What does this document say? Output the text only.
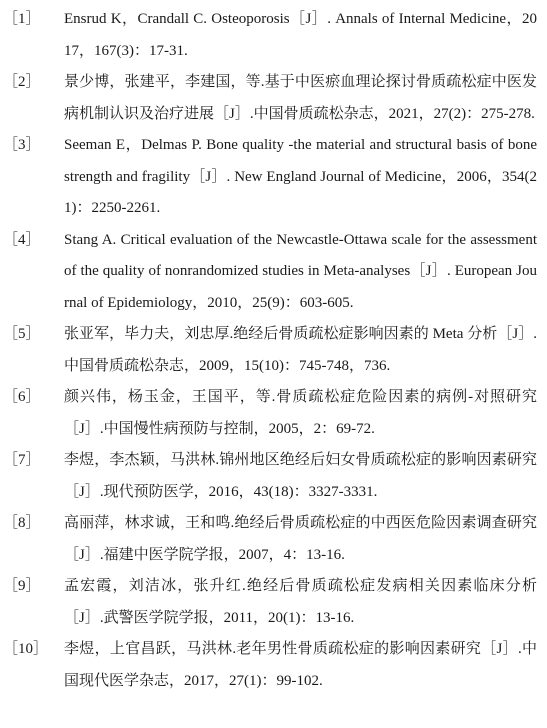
［1］	Ensrud K，Crandall C. Osteoporosis［J］. Annals of Internal Medicine，2017，167(3)：17-31.
［2］	景少博，张建平，李建国，等.基于中医瘀血理论探讨骨质疏松症中医发病机制认识及治疗进展［J］.中国骨质疏松杂志，2021，27(2)：275-278.
［3］	Seeman E，Delmas P. Bone quality -the material and structural basis of bone strength and fragility［J］. New England Journal of Medicine，2006，354(21)：2250-2261.
［4］	Stang A. Critical evaluation of the Newcastle-Ottawa scale for the assessment of the quality of nonrandomized studies in Meta-analyses［J］. European Journal of Epidemiology，2010，25(9)：603-605.
［5］	张亚军，毕力夫，刘忠厚.绝经后骨质疏松症影响因素的 Meta 分析［J］.中国骨质疏松杂志，2009，15(10)：745-748，736.
［6］	颜兴伟，杨玉金，王国平，等.骨质疏松症危险因素的病例-对照研究［J］.中国慢性病预防与控制，2005，2：69-72.
［7］	李煜，李杰颖，马洪林.锦州地区绝经后妇女骨质疏松症的影响因素研究［J］.现代预防医学，2016，43(18)：3327-3331.
［8］	高丽萍，林求诚，王和鸣.绝经后骨质疏松症的中西医危险因素调查研究［J］.福建中医学院学报，2007，4：13-16.
［9］	孟宏霞，刘洁冰，张升红.绝经后骨质疏松症发病相关因素临床分析［J］.武警医学院学报，2011，20(1)：13-16.
［10］	李煜，上官昌跃，马洪林.老年男性骨质疏松症的影响因素研究［J］.中国现代医学杂志，2017，27(1)：99-102.
